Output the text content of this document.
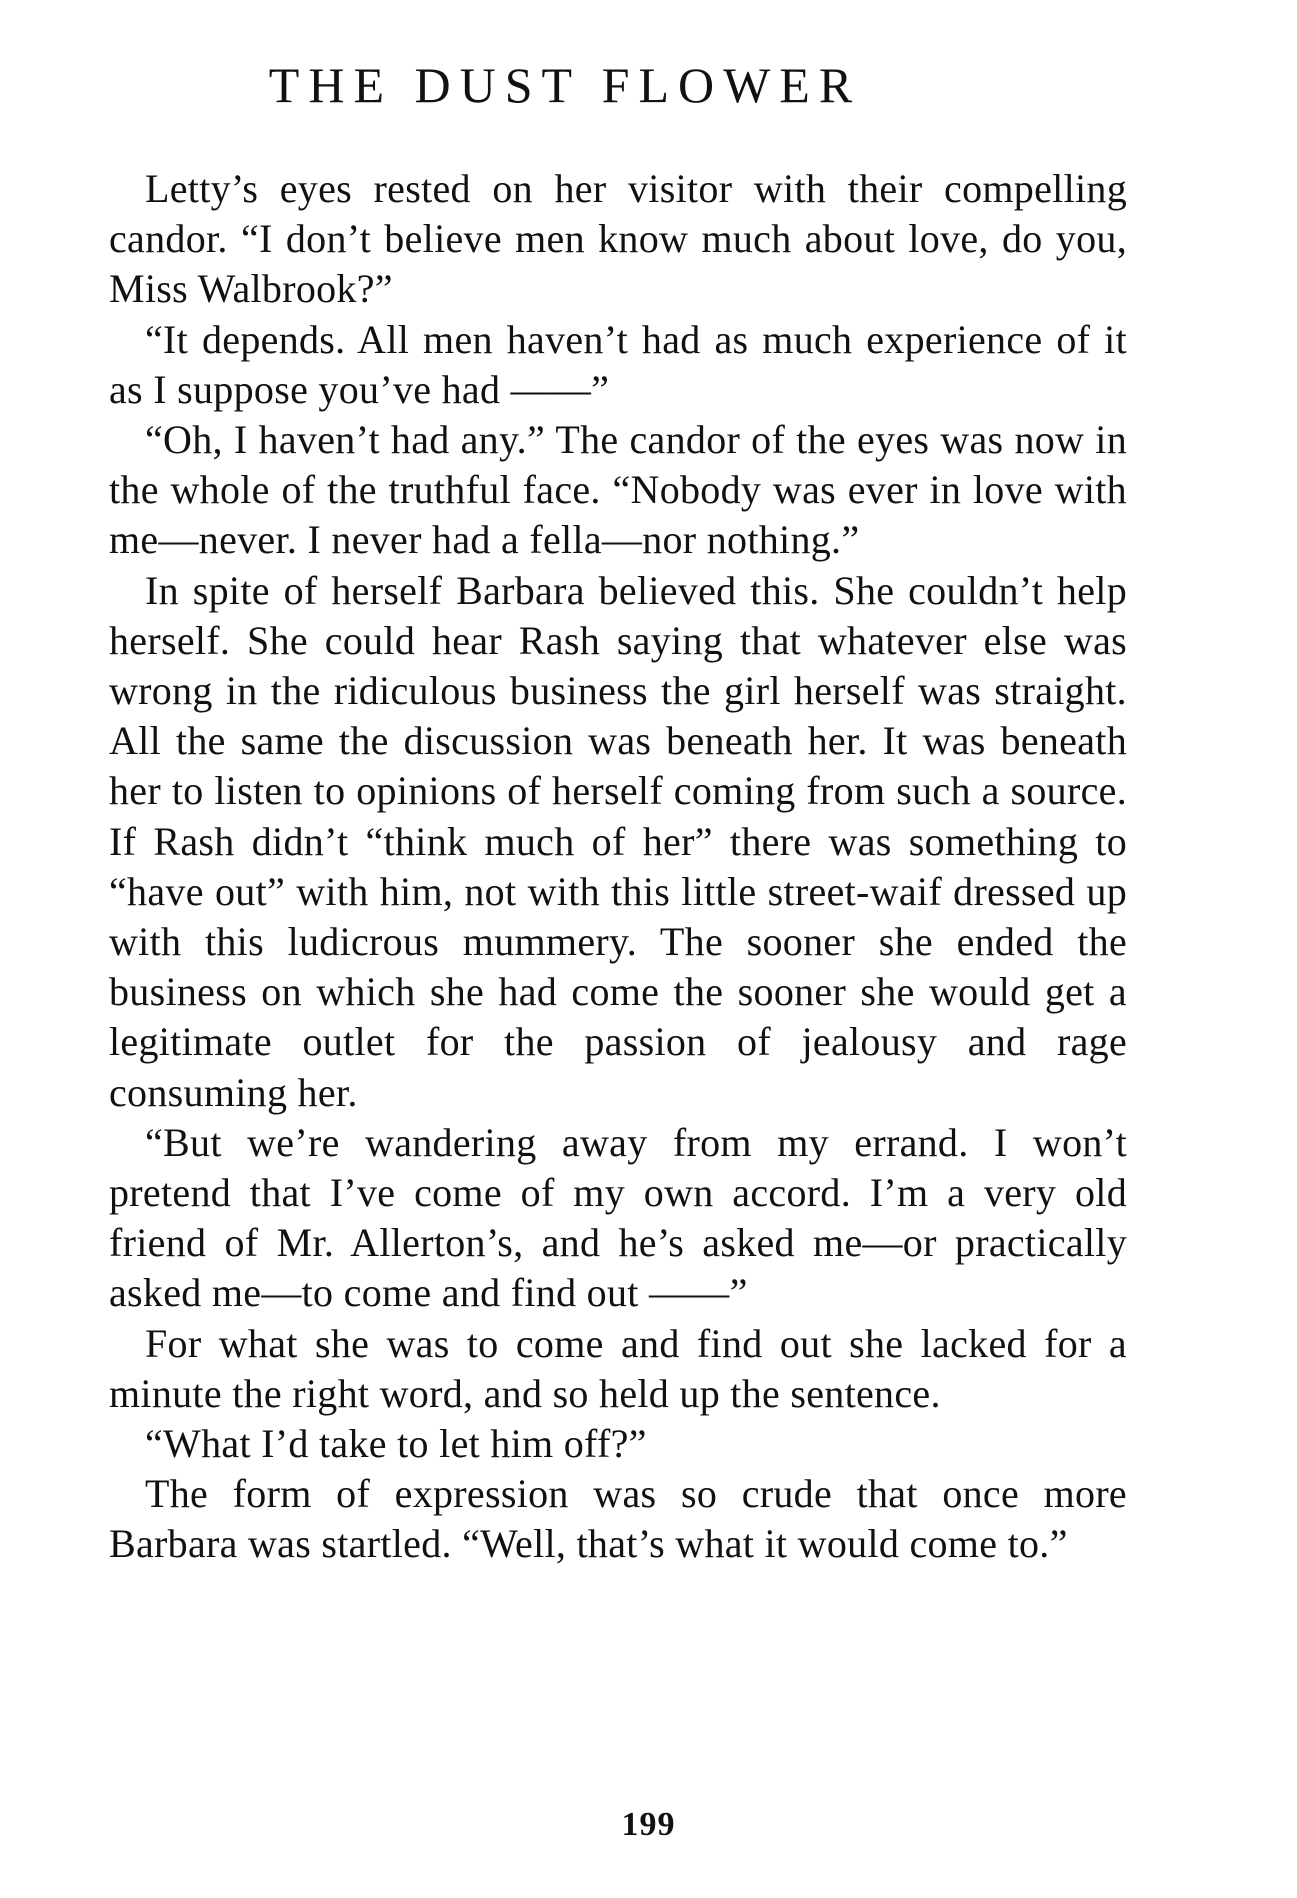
THE DUST FLOWER

Letty’s eyes rested on her visitor with their compelling candor. “I don’t believe men know much about love, do you, Miss Walbrook?”

“It depends. All men haven’t had as much experience of it as I suppose you’ve had ——”

“Oh, I haven’t had any.” The candor of the eyes was now in the whole of the truthful face. “Nobody was ever in love with me—never. I never had a fella—nor nothing.”

In spite of herself Barbara believed this. She couldn’t help herself. She could hear Rash saying that whatever else was wrong in the ridiculous business the girl herself was straight. All the same the discussion was beneath her. It was beneath her to listen to opinions of herself coming from such a source. If Rash didn’t “think much of her” there was something to “have out” with him, not with this little street-waif dressed up with this ludicrous mummery. The sooner she ended the business on which she had come the sooner she would get a legitimate outlet for the passion of jealousy and rage consuming her.

“But we’re wandering away from my errand. I won’t pretend that I’ve come of my own accord. I’m a very old friend of Mr. Allerton’s, and he’s asked me—or practically asked me—to come and find out ——”

For what she was to come and find out she lacked for a minute the right word, and so held up the sentence.

“What I’d take to let him off?”

The form of expression was so crude that once more Barbara was startled. “Well, that’s what it would come to.”

199
